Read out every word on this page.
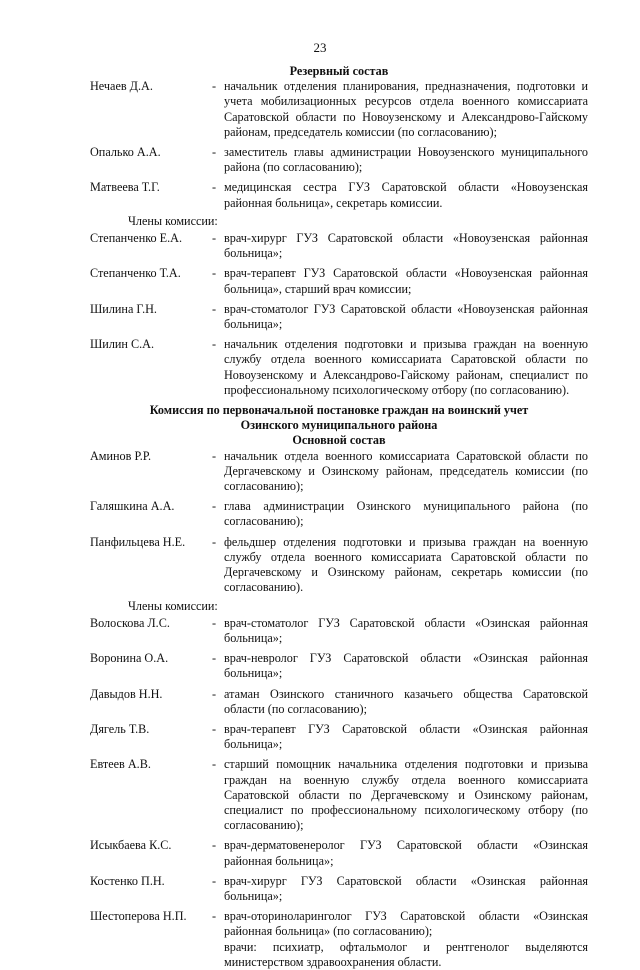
23
Резервный состав
Нечаев Д.А.	- начальник отделения планирования, предназначения, подготовки и учета мобилизационных ресурсов отдела военного комиссариата Саратовской области по Новоузенскому и Александрово-Гайскому районам, председатель комиссии (по согласованию);
Опалько А.А.	- заместитель главы администрации Новоузенского муниципального района (по согласованию);
Матвеева Т.Г.	- медицинская сестра ГУЗ Саратовской области «Новоузенская районная больница», секретарь комиссии.
Члены комиссии:
Степанченко Е.А.	- врач-хирург ГУЗ Саратовской области «Новоузенская районная больница»;
Степанченко Т.А.	- врач-терапевт ГУЗ Саратовской области «Новоузенская районная больница», старший врач комиссии;
Шилина Г.Н.	- врач-стоматолог ГУЗ Саратовской области «Новоузенская районная больница»;
Шилин С.А.	- начальник отделения подготовки и призыва граждан на военную службу отдела военного комиссариата Саратовской области по Новоузенскому и Александрово-Гайскому районам, специалист по профессиональному психологическому отбору (по согласованию).
Комиссия по первоначальной постановке граждан на воинский учет
Озинского муниципального района
Основной состав
Аминов Р.Р.	- начальник отдела военного комиссариата Саратовской области по Дергачевскому и Озинскому районам, председатель комиссии (по согласованию);
Галяшкина А.А.	- глава администрации Озинского муниципального района (по согласованию);
Панфильцева Н.Е.	- фельдшер отделения подготовки и призыва граждан на военную службу отдела военного комиссариата Саратовской области по Дергачевскому и Озинскому районам, секретарь комиссии (по согласованию).
Члены комиссии:
Волоскова Л.С.	- врач-стоматолог ГУЗ Саратовской области «Озинская районная больница»;
Воронина О.А.	- врач-невролог ГУЗ Саратовской области «Озинская районная больница»;
Давыдов Н.Н.	- атаман Озинского станичного казачьего общества Саратовской области (по согласованию);
Дягель Т.В.	- врач-терапевт ГУЗ Саратовской области «Озинская районная больница»;
Евтеев А.В.	- старший помощник начальника отделения подготовки и призыва граждан на военную службу отдела военного комиссариата Саратовской области по Дергачевскому и Озинскому районам, специалист по профессиональному психологическому отбору (по согласованию);
Исыкбаева К.С.	- врач-дерматовенеролог ГУЗ Саратовской области «Озинская районная больница»;
Костенко П.Н.	- врач-хирург ГУЗ Саратовской области «Озинская районная больница»;
Шестоперова Н.П.	- врач-оториноларинголог ГУЗ Саратовской области «Озинская районная больница» (по согласованию);
врачи: психиатр, офтальмолог и рентгенолог выделяются министерством здравоохранения области.
